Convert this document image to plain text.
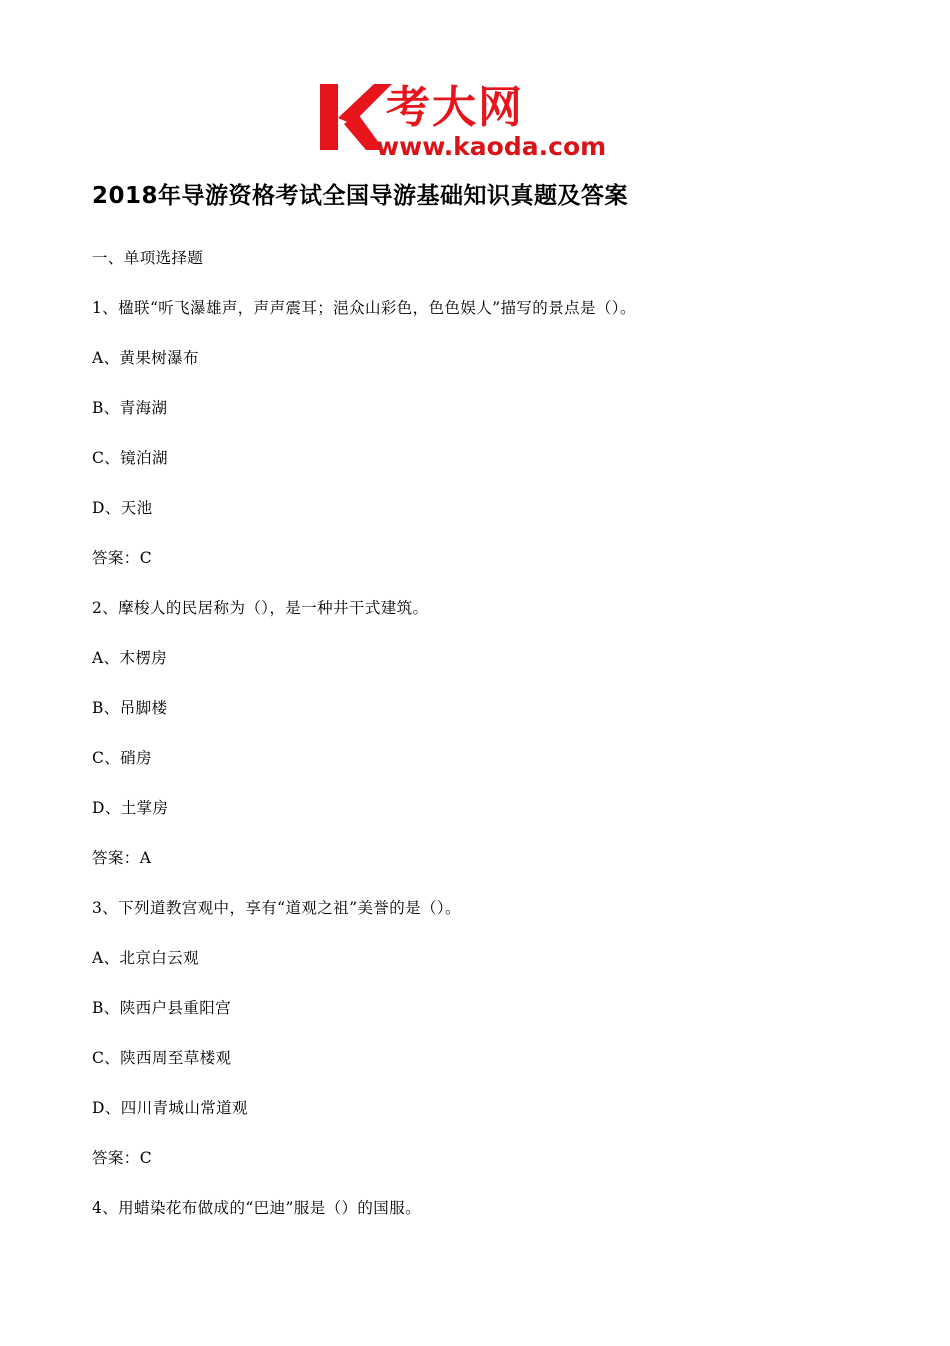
考大网
www.kaoda.com
2018年导游资格考试全国导游基础知识真题及答案
一、单项选择题
1、楹联“听飞瀑雄声，声声震耳；浥众山彩色，色色娱人”描写的景点是（）。
A、黄果树瀑布
B、青海湖
C、镜泊湖
D、天池
答案：C
2、摩梭人的民居称为（），是一种井干式建筑。
A、木楞房
B、吊脚楼
C、硝房
D、土掌房
答案：A
3、下列道教宫观中，享有“道观之祖”美誉的是（）。
A、北京白云观
B、陕西户县重阳宫
C、陕西周至草楼观
D、四川青城山常道观
答案：C
4、用蜡染花布做成的“巴迪”服是（）的国服。
